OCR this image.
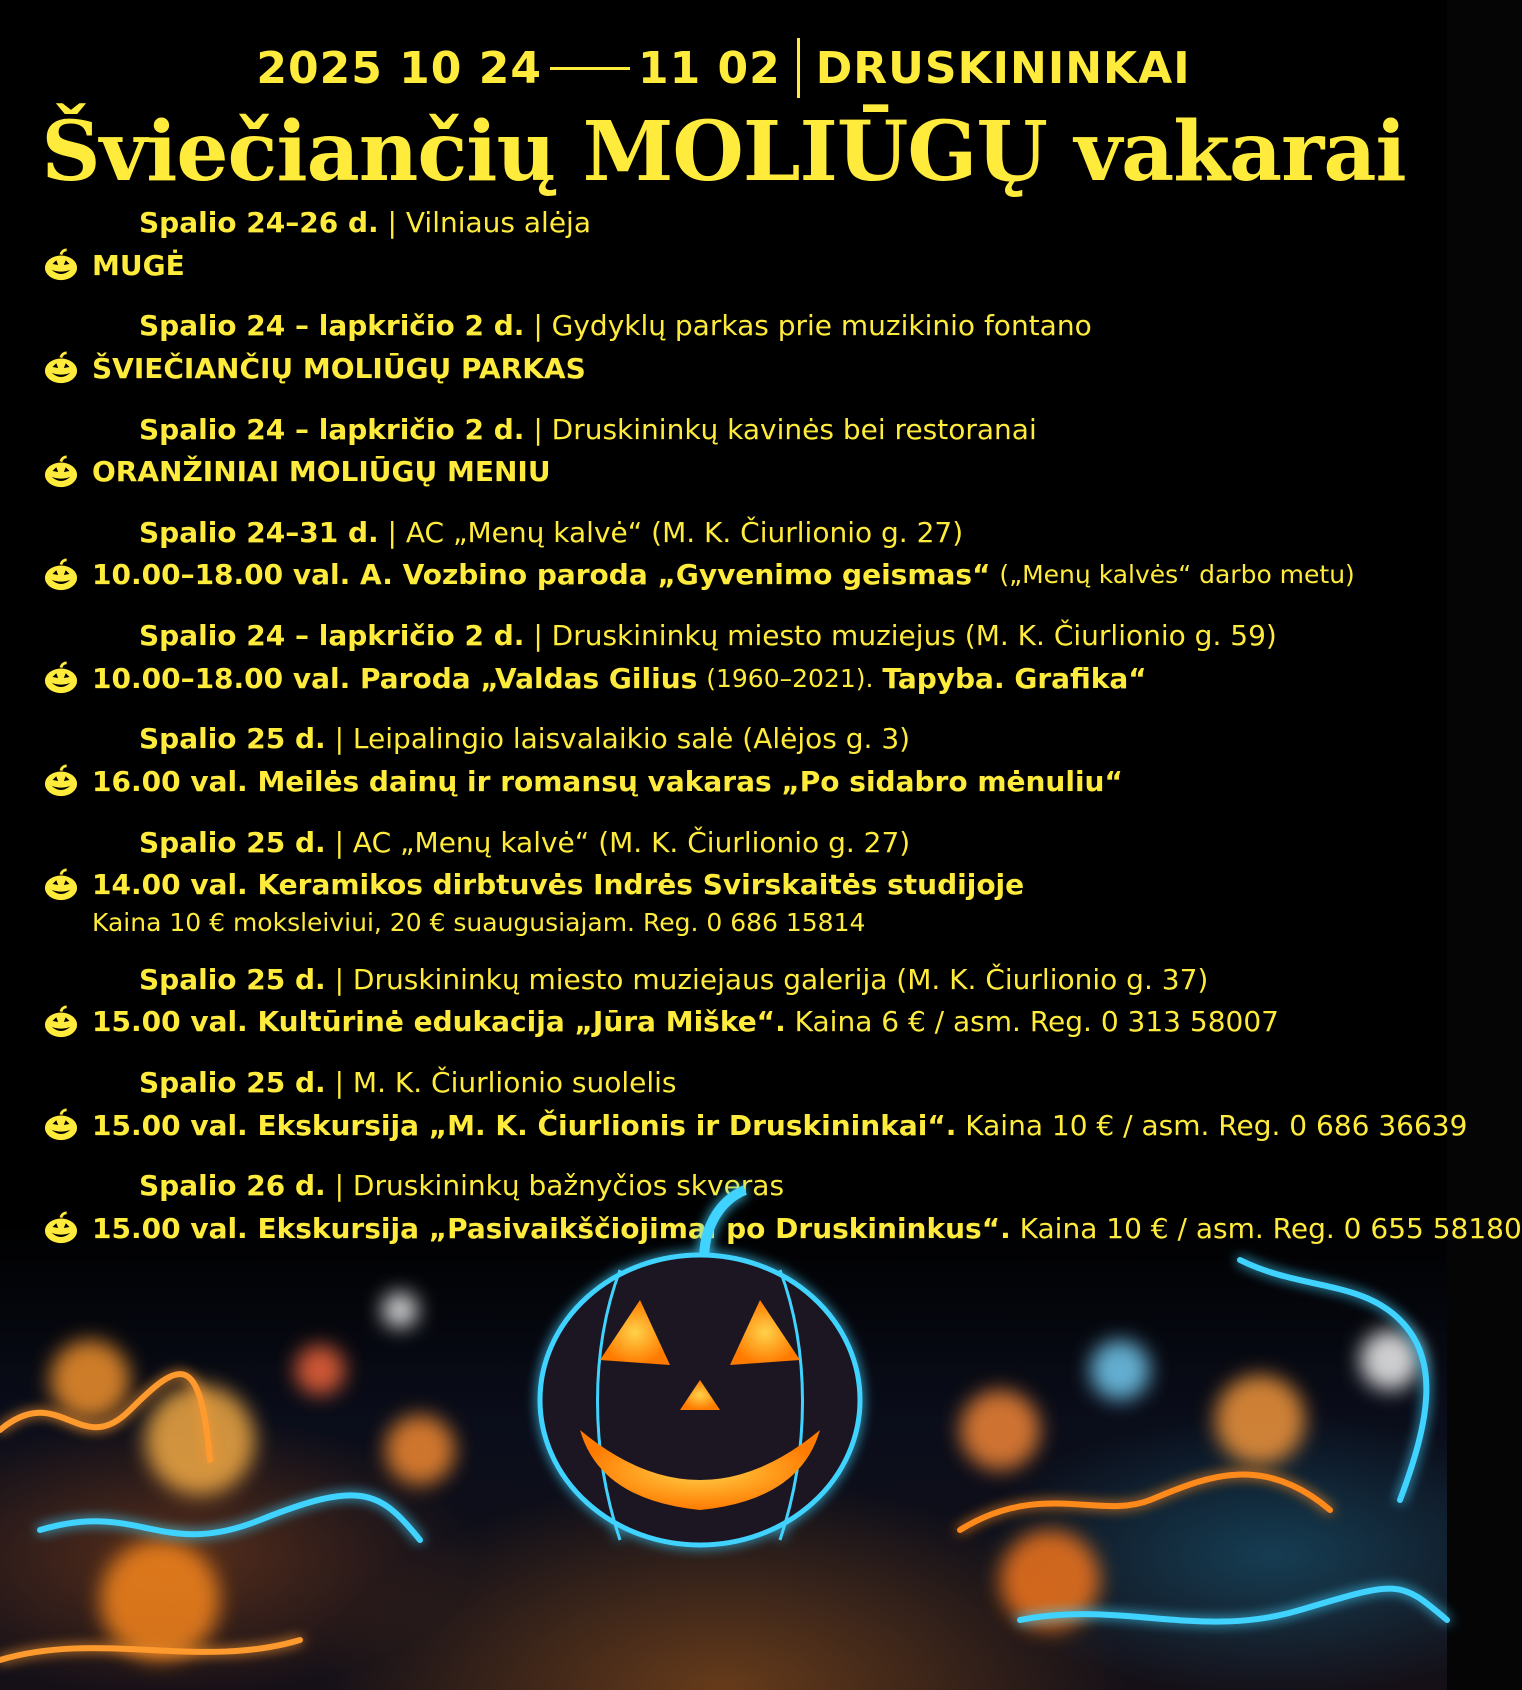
2025 10 24 11 02 DRUSKININKAI
Šviečiančių MOLIŪGŲ vakarai
Spalio 24–26 d. | Vilniaus alėja
MUGĖ
Spalio 24 – lapkričio 2 d. | Gydyklų parkas prie muzikinio fontano
ŠVIEČIANČIŲ MOLIŪGŲ PARKAS
Spalio 24 – lapkričio 2 d. | Druskininkų kavinės bei restoranai
ORANŽINIAI MOLIŪGŲ MENIU
Spalio 24–31 d. | AC „Menų kalvė“ (M. K. Čiurlionio g. 27)
10.00–18.00 val. A. Vozbino paroda „Gyvenimo geismas“
(„Menų kalvės“ darbo metu)
Spalio 24 – lapkričio 2 d. | Druskininkų miesto muziejus (M. K. Čiurlionio g. 59)
10.00–18.00 val. Paroda „Valdas Gilius
(1960–2021).
Tapyba. Grafika“
Spalio 25 d. | Leipalingio laisvalaikio salė (Alėjos g. 3)
16.00 val. Meilės dainų ir romansų vakaras „Po sidabro mėnuliu“
Spalio 25 d. | AC „Menų kalvė“ (M. K. Čiurlionio g. 27)
14.00 val. Keramikos dirbtuvės Indrės Svirskaitės studijoje
Kaina 10 € moksleiviui, 20 € suaugusiajam. Reg. 0 686 15814
Spalio 25 d. | Druskininkų miesto muziejaus galerija (M. K. Čiurlionio g. 37)
15.00 val. Kultūrinė edukacija „Jūra Miške“.
Kaina 6 € / asm. Reg. 0 313 58007
Spalio 25 d. | M. K. Čiurlionio suolelis
15.00 val. Ekskursija „M. K. Čiurlionis ir Druskininkai“.
Kaina 10 € / asm. Reg. 0 686 36639
Spalio 26 d. | Druskininkų bažnyčios skveras
15.00 val. Ekskursija „Pasivaikščiojimai po Druskininkus“.
Kaina 10 € / asm. Reg. 0 655 58180
